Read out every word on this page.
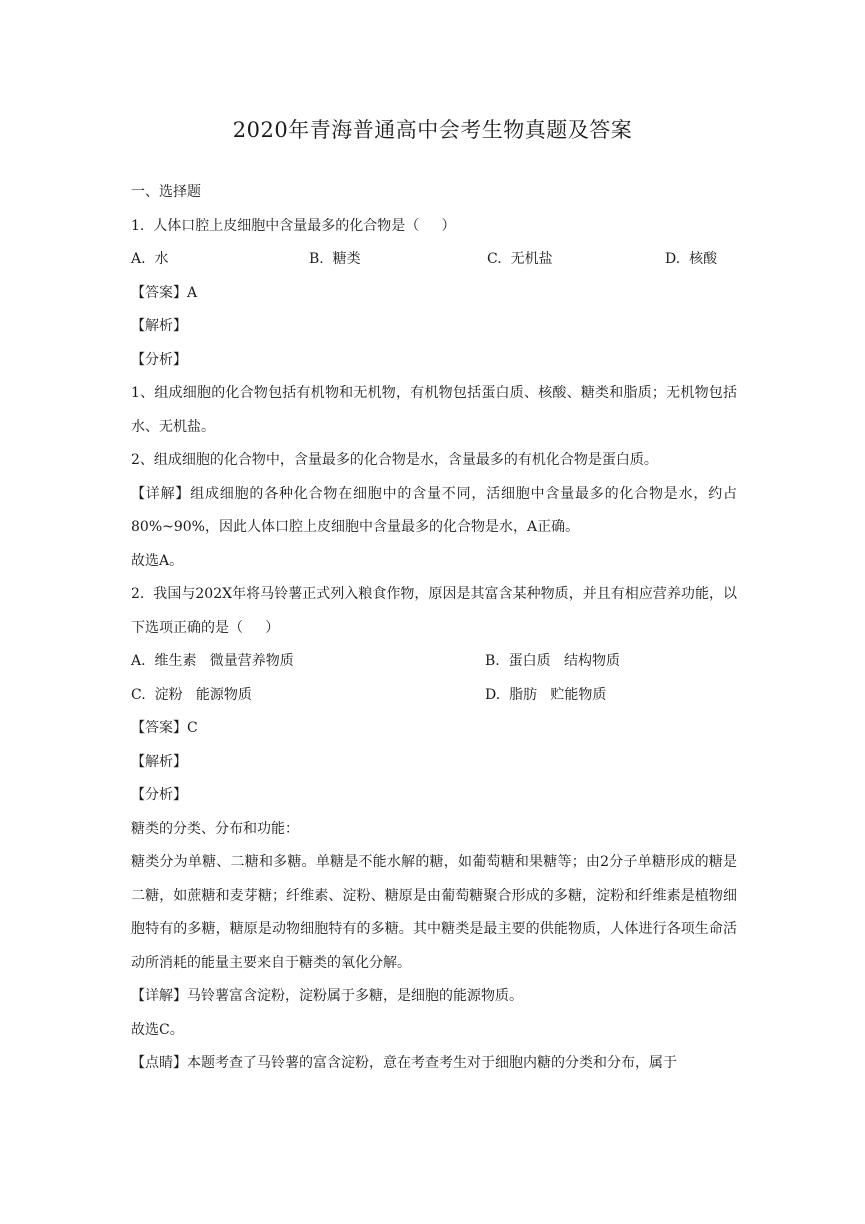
2020年青海普通高中会考生物真题及答案
一、选择题
1.  人体口腔上皮细胞中含量最多的化合物是（     ）
A.  水	B.  糖类	C.  无机盐	D.  核酸
【答案】A
【解析】
【分析】
1、组成细胞的化合物包括有机物和无机物，有机物包括蛋白质、核酸、糖类和脂质；无机物包括水、无机盐。
2、组成细胞的化合物中，含量最多的化合物是水，含量最多的有机化合物是蛋白质。
【详解】组成细胞的各种化合物在细胞中的含量不同，活细胞中含量最多的化合物是水，约占80%~90%，因此人体口腔上皮细胞中含量最多的化合物是水，A正确。
故选A。
2.  我国与202X年将马铃薯正式列入粮食作物，原因是其富含某种物质，并且有相应营养功能，以下选项正确的是（     ）
A.  维生素   微量营养物质	B.  蛋白质   结构物质
C.  淀粉   能源物质	D.  脂肪   贮能物质
【答案】C
【解析】
【分析】
糖类的分类、分布和功能：
糖类分为单糖、二糖和多糖。单糖是不能水解的糖，如葡萄糖和果糖等；由2分子单糖形成的糖是二糖，如蔗糖和麦芽糖；纤维素、淀粉、糖原是由葡萄糖聚合形成的多糖，淀粉和纤维素是植物细胞特有的多糖，糖原是动物细胞特有的多糖。其中糖类是最主要的供能物质，人体进行各项生命活动所消耗的能量主要来自于糖类的氧化分解。
【详解】马铃薯富含淀粉，淀粉属于多糖，是细胞的能源物质。
故选C。
【点睛】本题考查了马铃薯的富含淀粉，意在考查考生对于细胞内糖的分类和分布，属于
